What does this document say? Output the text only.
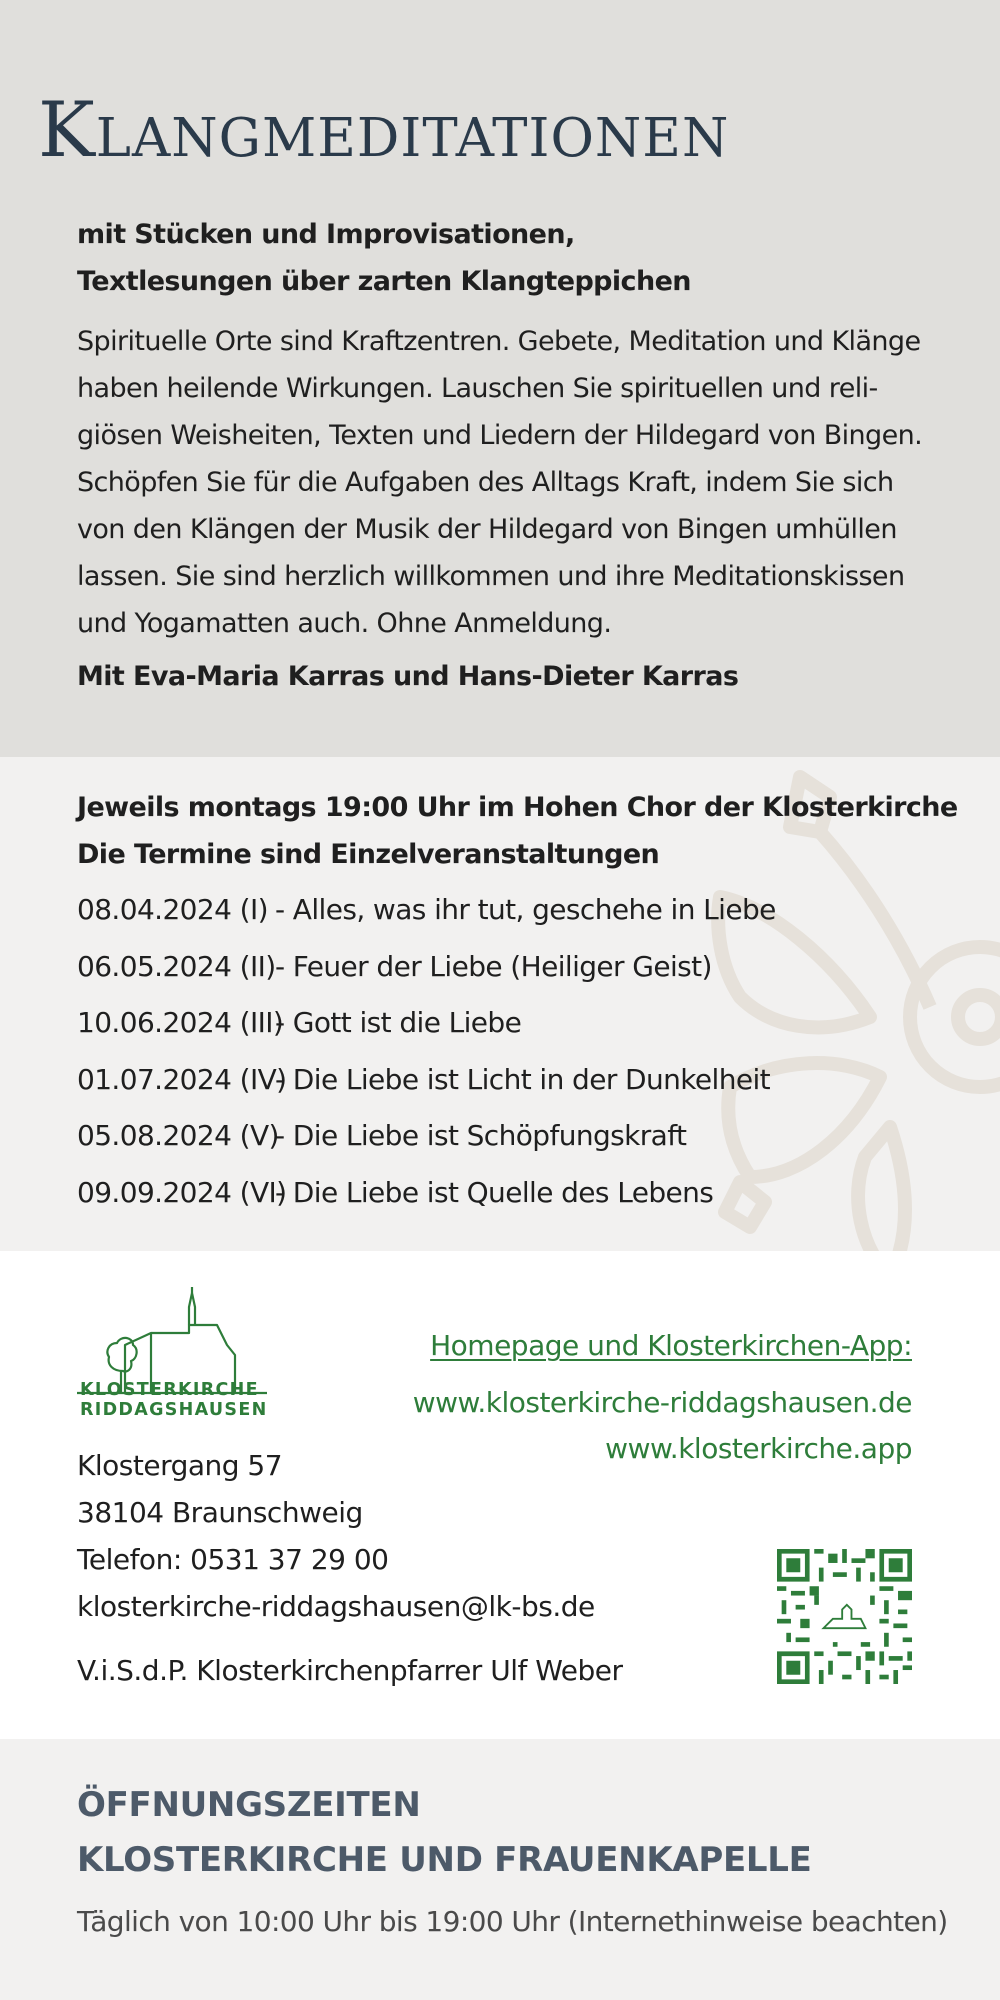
Klangmeditationen
mit Stücken und Improvisationen,
Textlesungen über zarten Klangteppichen

Spirituelle Orte sind Kraftzentren. Gebete, Meditation und Klänge
haben heilende Wirkungen. Lauschen Sie spirituellen und reli-
giösen Weisheiten, Texten und Liedern der Hildegard von Bingen.
Schöpfen Sie für die Aufgaben des Alltags Kraft, indem Sie sich
von den Klängen der Musik der Hildegard von Bingen umhüllen
lassen. Sie sind herzlich willkommen und ihre Meditationskissen
und Yogamatten auch. Ohne Anmeldung.

Mit Eva-Maria Karras und Hans-Dieter Karras
Jeweils montags 19:00 Uhr im Hohen Chor der Klosterkirche
Die Termine sind Einzelveranstaltungen
08.04.2024 (I) - Alles, was ihr tut, geschehe in Liebe
06.05.2024 (II) - Feuer der Liebe (Heiliger Geist)
10.06.2024 (III)
- Gott ist die Liebe
01.07.2024 (IV)
- Die Liebe ist Licht in der Dunkelheit
05.08.2024 (V)
- Die Liebe ist Schöpfungskraft
09.09.2024 (VI)
- Die Liebe ist Quelle des Lebens
KLOSTERKIRCHE
RIDDAGSHAUSEN
Klostergang 57
38104 Braunschweig
Telefon: 0531 37 29 00
klosterkirche-riddagshausen@lk-bs.de
V.i.S.d.P. Klosterkirchenpfarrer Ulf Weber
Homepage und Klosterkirchen-App:
www.klosterkirche-riddagshausen.de
www.klosterkirche.app
ÖFFNUNGSZEITEN
KLOSTERKIRCHE UND FRAUENKAPELLE
Täglich von 10:00 Uhr bis 19:00 Uhr (Internethinweise beachten)
